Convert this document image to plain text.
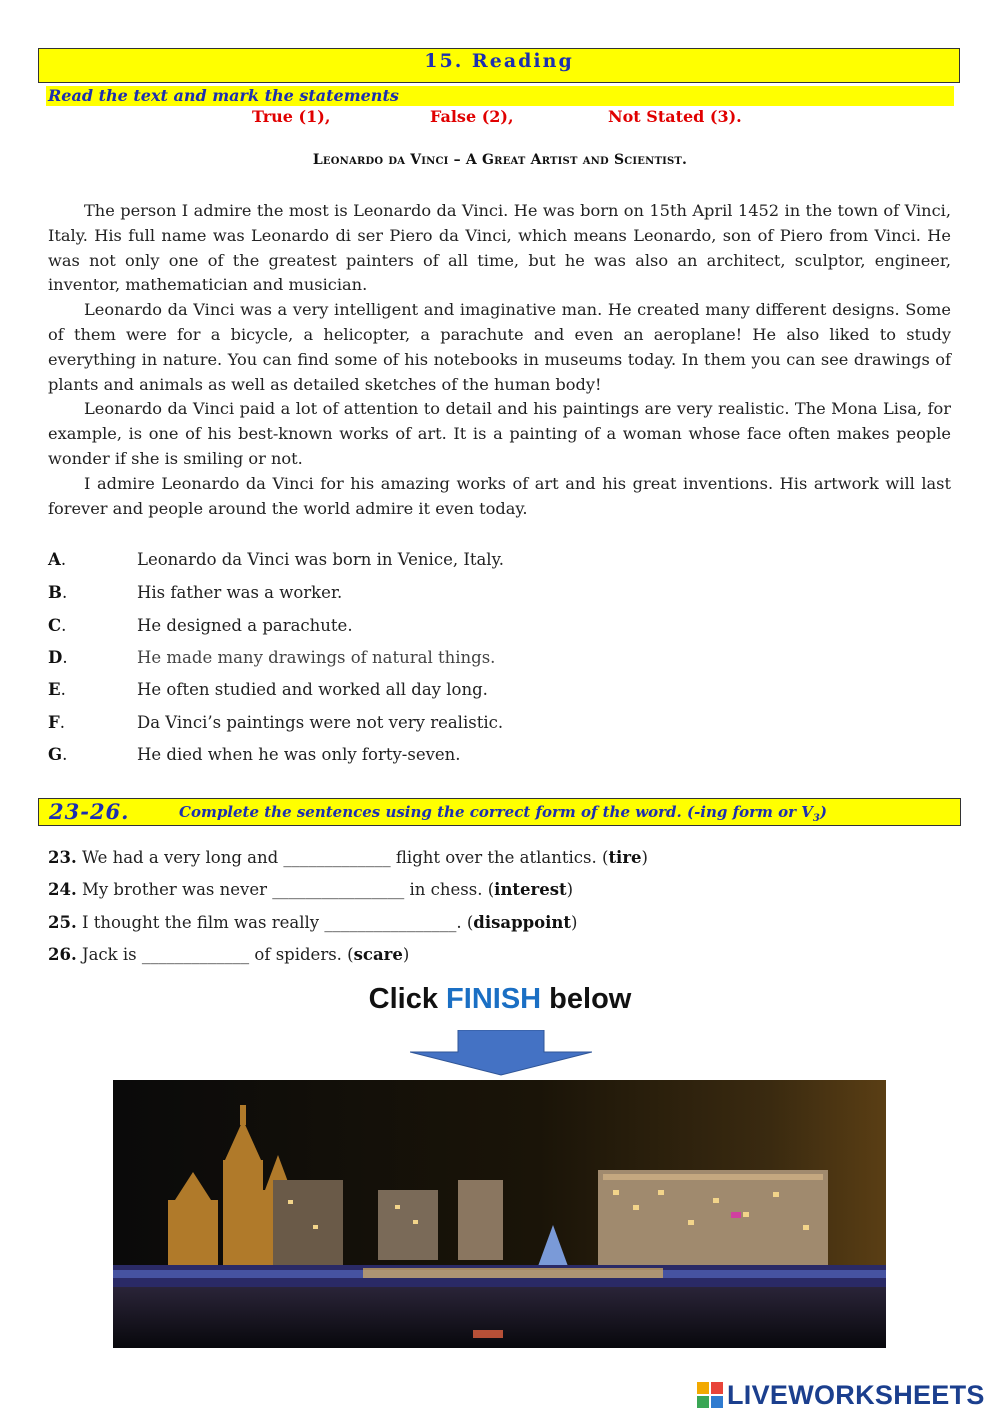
15. Reading
Read the text and mark the statements
True (1),	False (2),	Not Stated (3).
Leonardo da Vinci – A Great Artist and Scientist.

The person I admire the most is Leonardo da Vinci. He was born on 15th April 1452 in the town of Vinci, Italy. His full name was Leonardo di ser Piero da Vinci, which means Leonardo, son of Piero from Vinci. He was not only one of the greatest painters of all time, but he was also an architect, sculptor, engineer, inventor, mathematician and musician.

Leonardo da Vinci was a very intelligent and imaginative man. He created many different designs. Some of them were for a bicycle, a helicopter, a parachute and even an aeroplane! He also liked to study everything in nature. You can find some of his notebooks in museums today. In them you can see drawings of plants and animals as well as detailed sketches of the human body!

Leonardo da Vinci paid a lot of attention to detail and his paintings are very realistic. The Mona Lisa, for example, is one of his best-known works of art. It is a painting of a woman whose face often makes people wonder if she is smiling or not.

I admire Leonardo da Vinci for his amazing works of art and his great inventions. His artwork will last forever and people around the world admire it even today.

A.	Leonardo da Vinci was born in Venice, Italy.
B.	His father was a worker.
C.	He designed a parachute.
D.	He made many drawings of natural things.
E.	He often studied and worked all day long.
F.	Da Vinci’s paintings were not very realistic.
G.	He died when he was only forty-seven.
23-26.	Complete the sentences using the correct form of the word. (-ing form or $V_3$)
23. We had a very long and _____________ flight over the atlantics. (tire)
24. My brother was never ________________ in chess. (interest)
25. I thought the film was really ________________. (disappoint)
26. Jack is _____________ of spiders. (scare)
Click FINISH below
LIVEWORKSHEETS
